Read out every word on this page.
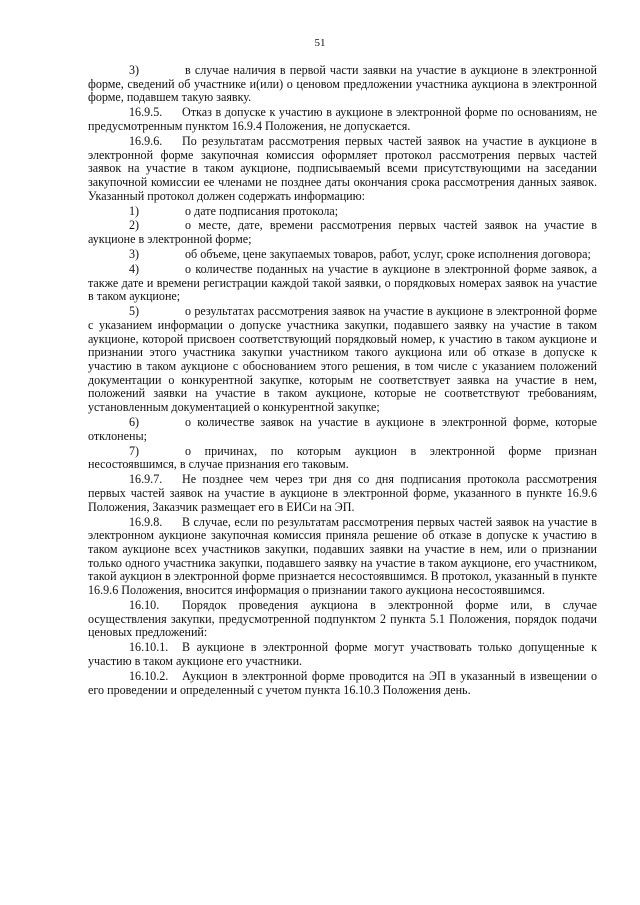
51

3)	в случае наличия в первой части заявки на участие в аукционе в электронной форме, сведений об участнике и(или) о ценовом предложении участника аукциона в электронной форме, подавшем такую заявку.

16.9.5. Отказ в допуске к участию в аукционе в электронной форме по основаниям, не предусмотренным пунктом 16.9.4 Положения, не допускается.

16.9.6. По результатам рассмотрения первых частей заявок на участие в аукционе в электронной форме закупочная комиссия оформляет протокол рассмотрения первых частей заявок на участие в таком аукционе, подписываемый всеми присутствующими на заседании закупочной комиссии ее членами не позднее даты окончания срока рассмотрения данных заявок. Указанный протокол должен содержать информацию:

1)	о дате подписания протокола;

2)	о месте, дате, времени рассмотрения первых частей заявок на участие в аукционе в электронной форме;

3)	об объеме, цене закупаемых товаров, работ, услуг, сроке исполнения договора;

4)	о количестве поданных на участие в аукционе в электронной форме заявок, а также дате и времени регистрации каждой такой заявки, о порядковых номерах заявок на участие в таком аукционе;

5)	о результатах рассмотрения заявок на участие в аукционе в электронной форме с указанием информации о допуске участника закупки, подавшего заявку на участие в таком аукционе, которой присвоен соответствующий порядковый номер, к участию в таком аукционе и признании этого участника закупки участником такого аукциона или об отказе в допуске к участию в таком аукционе с обоснованием этого решения, в том числе с указанием положений документации о конкурентной закупке, которым не соответствует заявка на участие в нем, положений заявки на участие в таком аукционе, которые не соответствуют требованиям, установленным документацией о конкурентной закупке;

6)	о количестве заявок на участие в аукционе в электронной форме, которые отклонены;

7)	о причинах, по которым аукцион в электронной форме признан несостоявшимся, в случае признания его таковым.

16.9.7. Не позднее чем через три дня со дня подписания протокола рассмотрения первых частей заявок на участие в аукционе в электронной форме, указанного в пункте 16.9.6 Положения, Заказчик размещает его в ЕИСи на ЭП.

16.9.8. В случае, если по результатам рассмотрения первых частей заявок на участие в электронном аукционе закупочная комиссия приняла решение об отказе в допуске к участию в таком аукционе всех участников закупки, подавших заявки на участие в нем, или о признании только одного участника закупки, подавшего заявку на участие в таком аукционе, его участником, такой аукцион в электронной форме признается несостоявшимся. В протокол, указанный в пункте 16.9.6 Положения, вносится информация о признании такого аукциона несостоявшимся.

16.10. Порядок проведения аукциона в электронной форме или, в случае осуществления закупки, предусмотренной подпунктом 2 пункта 5.1 Положения, порядок подачи ценовых предложений:

16.10.1. В аукционе в электронной форме могут участвовать только допущенные к участию в таком аукционе его участники.

16.10.2. Аукцион в электронной форме проводится на ЭП в указанный в извещении о его проведении и определенный с учетом пункта 16.10.3 Положения день.
